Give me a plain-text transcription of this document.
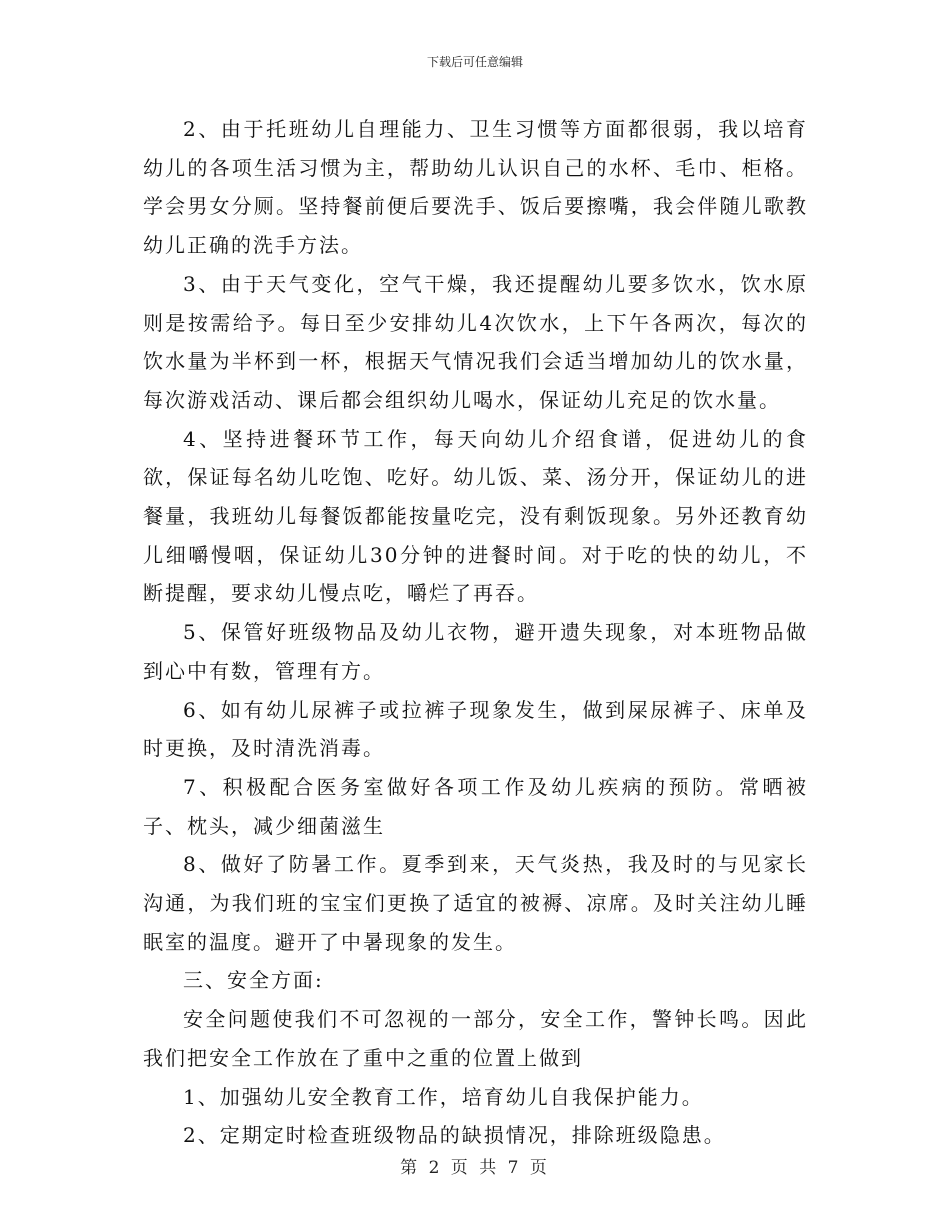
下载后可任意编辑

2、由于托班幼儿自理能力、卫生习惯等方面都很弱，我以培育幼儿的各项生活习惯为主，帮助幼儿认识自己的水杯、毛巾、柜格。学会男女分厕。坚持餐前便后要洗手、饭后要擦嘴，我会伴随儿歌教幼儿正确的洗手方法。

3、由于天气变化，空气干燥，我还提醒幼儿要多饮水，饮水原则是按需给予。每日至少安排幼儿4次饮水，上下午各两次，每次的饮水量为半杯到一杯，根据天气情况我们会适当增加幼儿的饮水量，每次游戏活动、课后都会组织幼儿喝水，保证幼儿充足的饮水量。

4、坚持进餐环节工作，每天向幼儿介绍食谱，促进幼儿的食欲，保证每名幼儿吃饱、吃好。幼儿饭、菜、汤分开，保证幼儿的进餐量，我班幼儿每餐饭都能按量吃完，没有剩饭现象。另外还教育幼儿细嚼慢咽，保证幼儿30分钟的进餐时间。对于吃的快的幼儿，不断提醒，要求幼儿慢点吃，嚼烂了再吞。

5、保管好班级物品及幼儿衣物，避开遗失现象，对本班物品做到心中有数，管理有方。

6、如有幼儿尿裤子或拉裤子现象发生，做到屎尿裤子、床单及时更换，及时清洗消毒。

7、积极配合医务室做好各项工作及幼儿疾病的预防。常晒被子、枕头，减少细菌滋生

8、做好了防暑工作。夏季到来，天气炎热，我及时的与见家长沟通，为我们班的宝宝们更换了适宜的被褥、凉席。及时关注幼儿睡眠室的温度。避开了中暑现象的发生。

三、安全方面:

安全问题使我们不可忽视的一部分，安全工作，警钟长鸣。因此我们把安全工作放在了重中之重的位置上做到

1、加强幼儿安全教育工作，培育幼儿自我保护能力。

2、定期定时检查班级物品的缺损情况，排除班级隐患。

第 2 页 共 7 页
